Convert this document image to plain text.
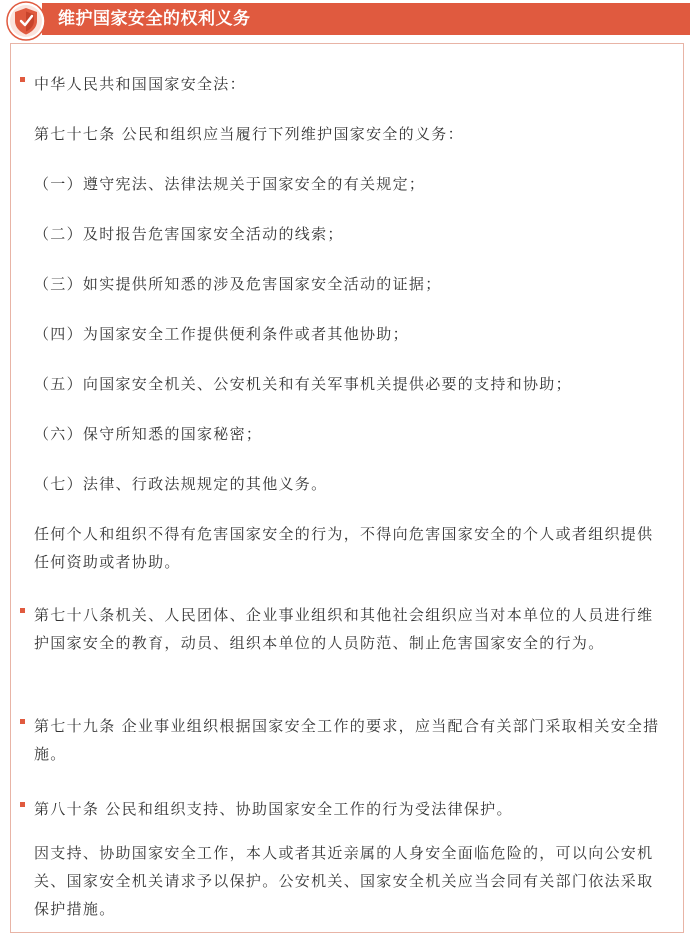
维护国家安全的权利义务

中华人民共和国国家安全法：

第七十七条 公民和组织应当履行下列维护国家安全的义务：

（一）遵守宪法、法律法规关于国家安全的有关规定；

（二）及时报告危害国家安全活动的线索；

（三）如实提供所知悉的涉及危害国家安全活动的证据；

（四）为国家安全工作提供便利条件或者其他协助；

（五）向国家安全机关、公安机关和有关军事机关提供必要的支持和协助；

（六）保守所知悉的国家秘密；

（七）法律、行政法规规定的其他义务。

任何个人和组织不得有危害国家安全的行为，不得向危害国家安全的个人或者组织提供任何资助或者协助。

第七十八条机关、人民团体、企业事业组织和其他社会组织应当对本单位的人员进行维护国家安全的教育，动员、组织本单位的人员防范、制止危害国家安全的行为。

第七十九条 企业事业组织根据国家安全工作的要求，应当配合有关部门采取相关安全措施。

第八十条 公民和组织支持、协助国家安全工作的行为受法律保护。

因支持、协助国家安全工作，本人或者其近亲属的人身安全面临危险的，可以向公安机关、国家安全机关请求予以保护。公安机关、国家安全机关应当会同有关部门依法采取保护措施。
